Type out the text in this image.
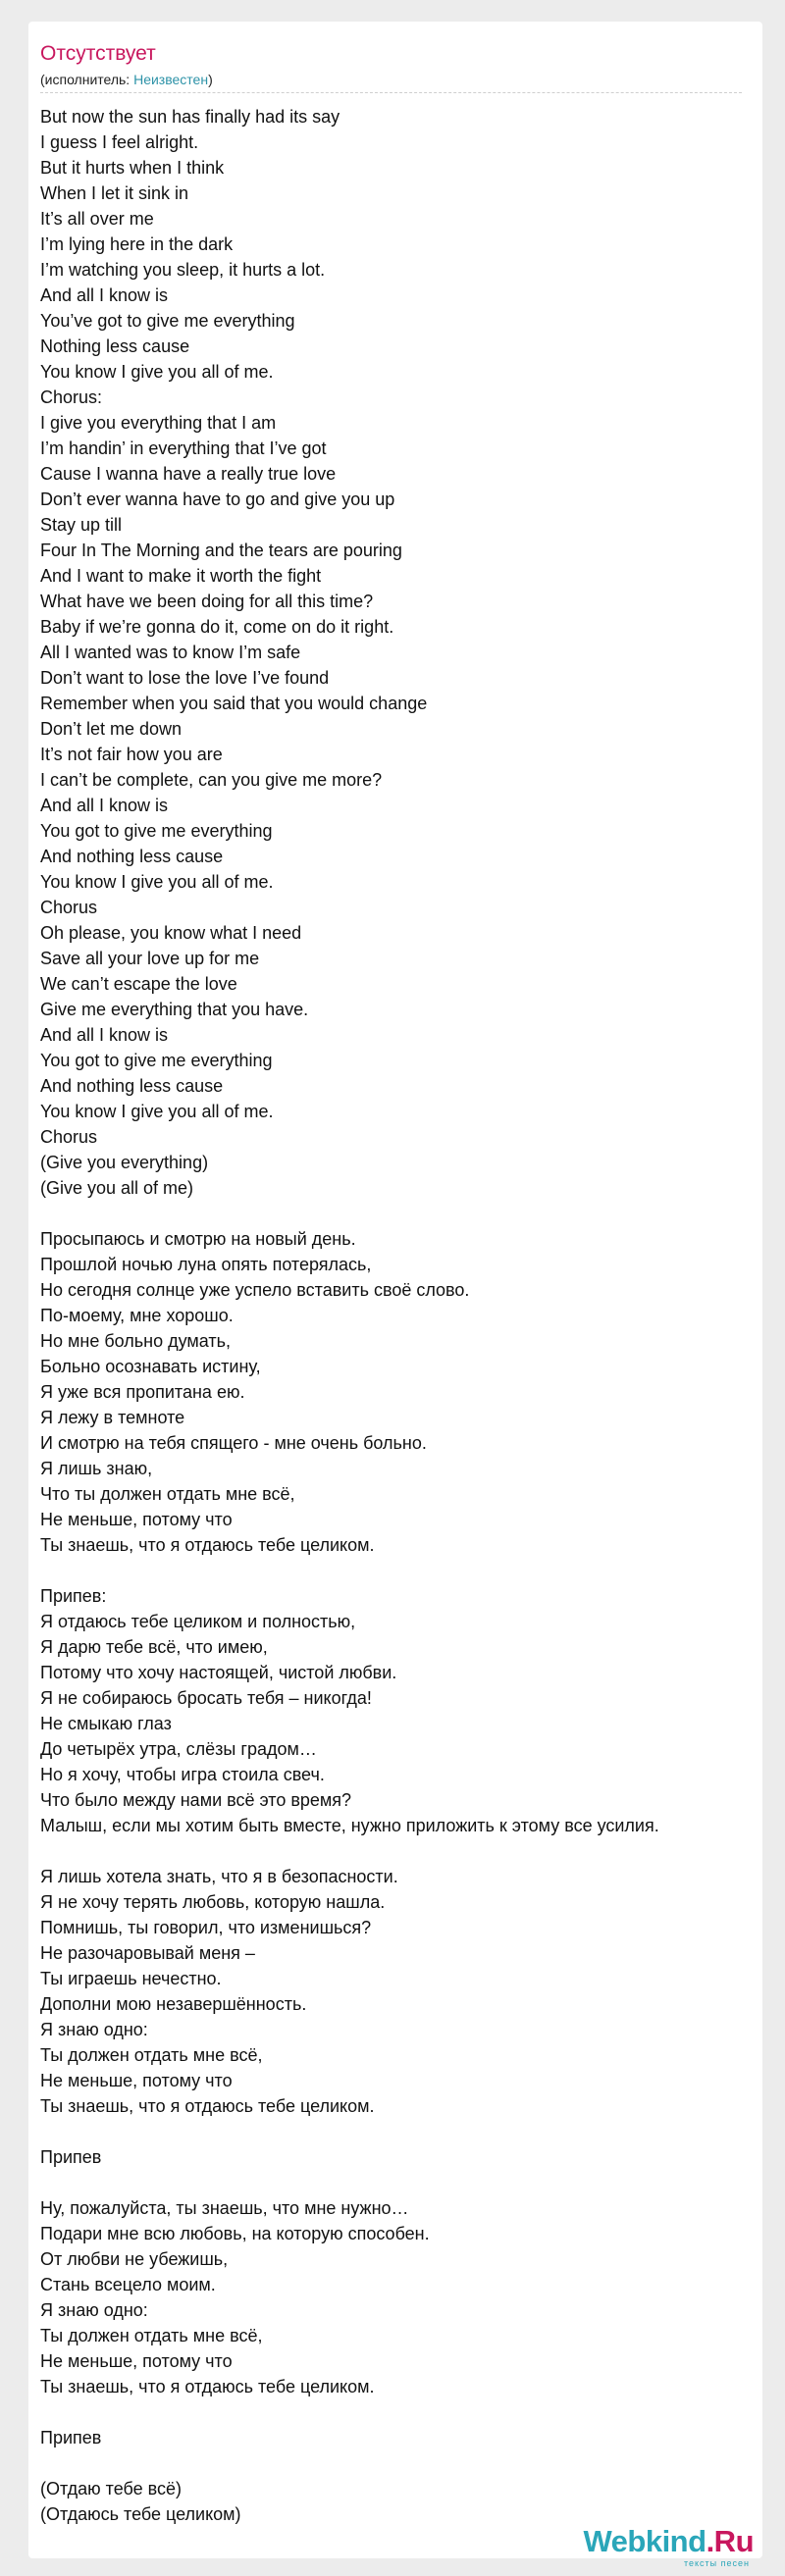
Отсутствует
(исполнитель: Неизвестен)
But now the sun has finally had its say
I guess I feel alright.
But it hurts when I think
When I let it sink in
It’s all over me
I’m lying here in the dark
I’m watching you sleep, it hurts a lot.
And all I know is
You’ve got to give me everything
Nothing less cause
You know I give you all of me.
Chorus:
I give you everything that I am
I’m handin’ in everything that I’ve got
Cause I wanna have a really true love
Don’t ever wanna have to go and give you up
Stay up till
Four In The Morning and the tears are pouring
And I want to make it worth the fight
What have we been doing for all this time?
Baby if we’re gonna do it, come on do it right.
All I wanted was to know I’m safe
Don’t want to lose the love I’ve found
Remember when you said that you would change
Don’t let me down
It’s not fair how you are
I can’t be complete, can you give me more?
And all I know is
You got to give me everything
And nothing less cause
You know I give you all of me.
Chorus
Oh please, you know what I need
Save all your love up for me
We can’t escape the love
Give me everything that you have.
And all I know is
You got to give me everything
And nothing less cause
You know I give you all of me.
Chorus
(Give you everything)
(Give you all of me)
Просыпаюсь и смотрю на новый день.
Прошлой ночью луна опять потерялась,
Но сегодня солнце уже успело вставить своё слово.
По-моему, мне хорошо.
Но мне больно думать,
Больно осознавать истину,
Я уже вся пропитана ею.
Я лежу в темноте
И смотрю на тебя спящего - мне очень больно.
Я лишь знаю,
Что ты должен отдать мне всё,
Не меньше, потому что
Ты знаешь, что я отдаюсь тебе целиком.
Припев:
Я отдаюсь тебе целиком и полностью,
Я дарю тебе всё, что имею,
Потому что хочу настоящей, чистой любви.
Я не собираюсь бросать тебя – никогда!
Не смыкаю глаз
До четырёх утра, слёзы градом…
Но я хочу, чтобы игра стоила свеч.
Что было между нами всё это время?
Малыш, если мы хотим быть вместе, нужно приложить к этому все усилия.
Я лишь хотела знать, что я в безопасности.
Я не хочу терять любовь, которую нашла.
Помнишь, ты говорил, что изменишься?
Не разочаровывай меня –
Ты играешь нечестно.
Дополни мою незавершённость.
Я знаю одно:
Ты должен отдать мне всё,
Не меньше, потому что
Ты знаешь, что я отдаюсь тебе целиком.
Припев
Ну, пожалуйста, ты знаешь, что мне нужно…
Подари мне всю любовь, на которую способен.
От любви не убежишь,
Стань всецело моим.
Я знаю одно:
Ты должен отдать мне всё,
Не меньше, потому что
Ты знаешь, что я отдаюсь тебе целиком.
Припев
(Отдаю тебе всё)
(Отдаюсь тебе целиком)
Webkind.Ru
тексты песен
